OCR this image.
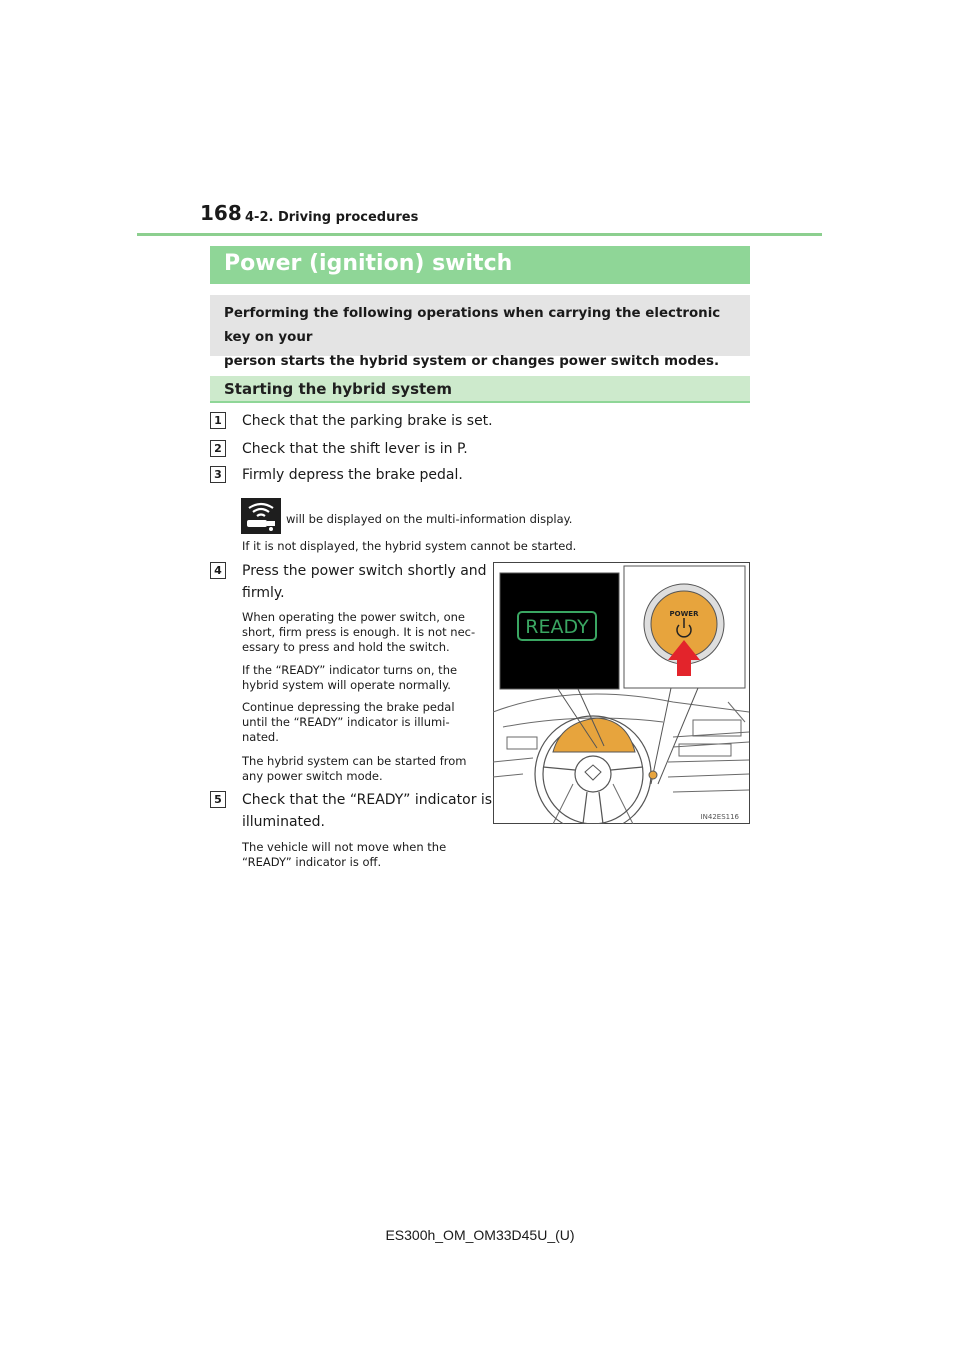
168 4-2. Driving procedures
Power (ignition) switch
Performing the following operations when carrying the electronic key on your
person starts the hybrid system or changes power switch modes.
Starting the hybrid system
1 Check that the parking brake is set.
2 Check that the shift lever is in P.
3 Firmly depress the brake pedal.
will be displayed on the multi-information display.
If it is not displayed, the hybrid system cannot be started.
4 Press the power switch shortly and
firmly.
When operating the power switch, one
short, firm press is enough. It is not nec-
essary to press and hold the switch.
If the “READY” indicator turns on, the
hybrid system will operate normally.
Continue depressing the brake pedal
until the “READY” indicator is illumi-
nated.
The hybrid system can be started from
any power switch mode.
5 Check that the “READY” indicator is
illuminated.
The vehicle will not move when the
“READY” indicator is off.
READY
POWER
IN42ES116
ES300h_OM_OM33D45U_(U)
